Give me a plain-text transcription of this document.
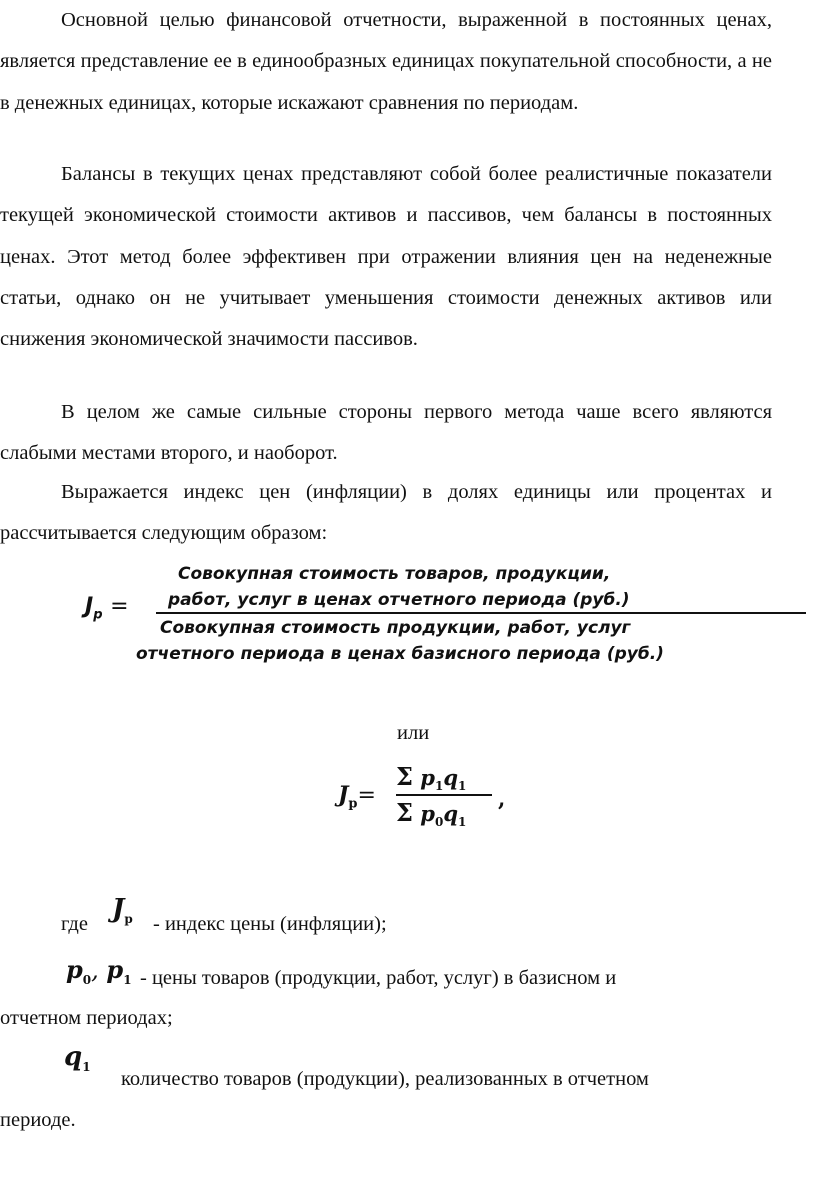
Основной целью финансовой отчетности, выраженной в постоянных ценах, является представление ее в единообразных единицах покупательной способности, а не в денежных единицах, которые искажают сравнения по периодам.

Балансы в текущих ценах представляют собой более реалистичные показатели текущей экономической стоимости активов и пассивов, чем балансы в постоянных ценах. Этот метод более эффективен при отражении влияния цен на неденежные статьи, однако он не учитывает уменьшения стоимости денежных активов или снижения экономической значимости пассивов.

В целом же самые сильные стороны первого метода чаше всего являются слабыми местами второго, и наоборот.

Выражается индекс цен (инфляции) в долях единицы или процентах и рассчитывается следующим образом:

$J_p$ =
Совокупная стоимость товаров, продукции,
работ, услуг в ценах отчетного периода (руб.)
Совокупная стоимость продукции, работ, услуг
отчетного периода в ценах базисного периода (руб.)
или
$J_p=$
Σ $p_1q_1$
Σ $p_0q_1$
,
где $J_p$ - индекс цены (инфляции);
$p_0$, $p_1$ - цены товаров (продукции, работ, услуг) в базисном и
отчетном периодах;
$q_1$
количество товаров (продукции), реализованных в отчетном
периоде.
